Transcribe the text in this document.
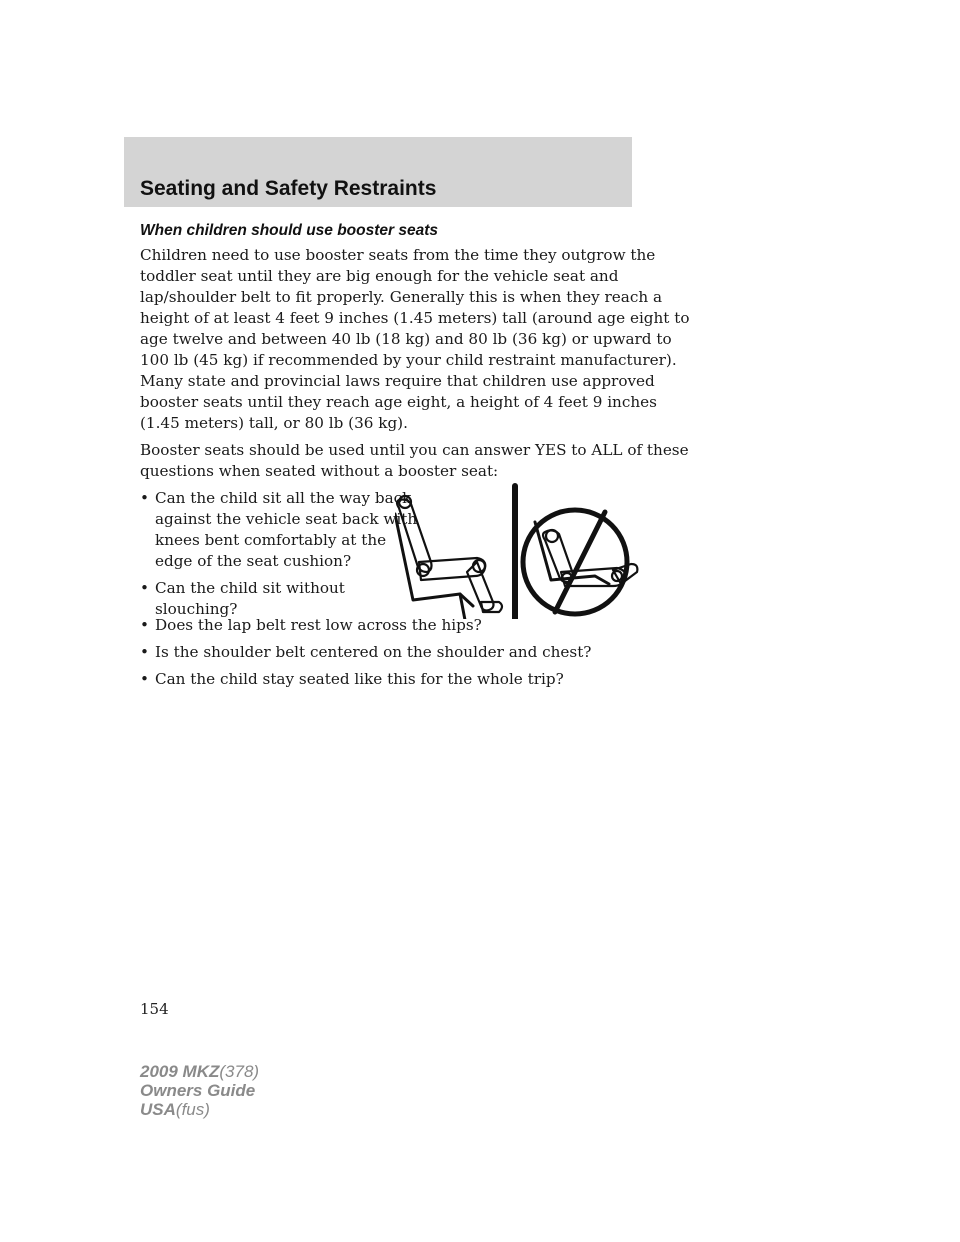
Seating and Safety Restraints
When children should use booster seats

Children need to use booster seats from the time they outgrow the
toddler seat until they are big enough for the vehicle seat and
lap/shoulder belt to fit properly. Generally this is when they reach a
height of at least 4 feet 9 inches (1.45 meters) tall (around age eight to
age twelve and between 40 lb (18 kg) and 80 lb (36 kg) or upward to
100 lb (45 kg) if recommended by your child restraint manufacturer).
Many state and provincial laws require that children use approved
booster seats until they reach age eight, a height of 4 feet 9 inches
(1.45 meters) tall, or 80 lb (36 kg).

Booster seats should be used until you can answer YES to ALL of these
questions when seated without a booster seat:

• Can the child sit all the way back
against the vehicle seat back with
knees bent comfortably at the
edge of the seat cushion?
• Can the child sit without
slouching?
• Does the lap belt rest low across the hips?
• Is the shoulder belt centered on the shoulder and chest?
• Can the child stay seated like this for the whole trip?
154
2009 MKZ(378)
Owners Guide
USA(fus)
